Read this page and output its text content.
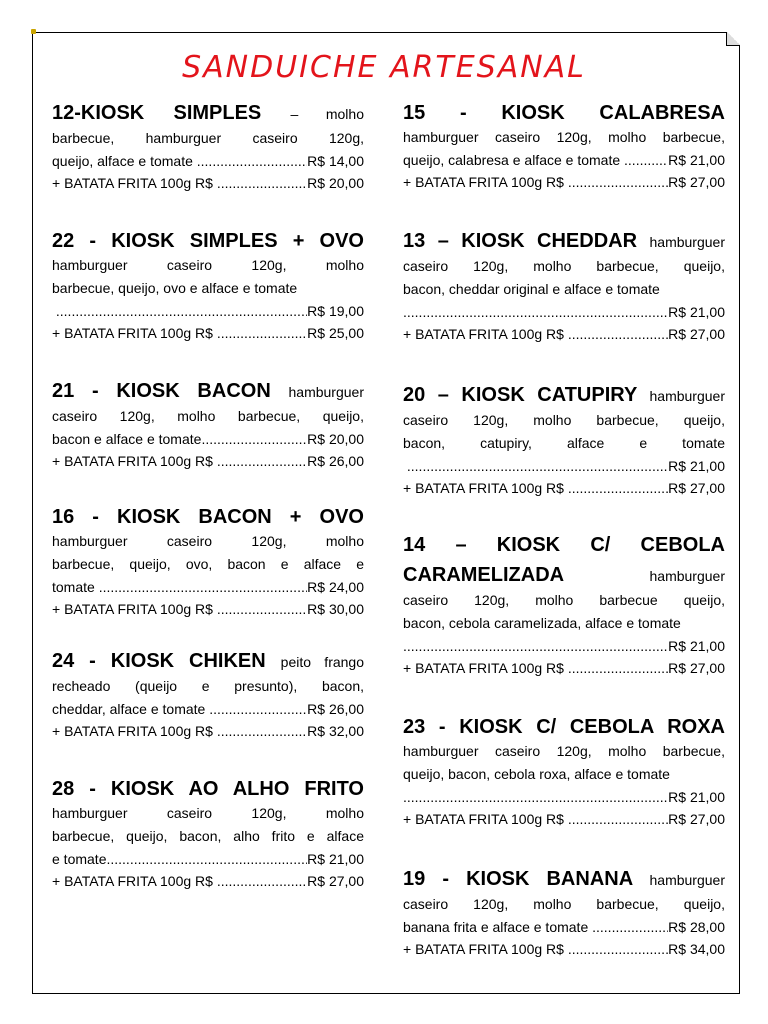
SANDUICHE ARTESANAL
12-KIOSK SIMPLES – molho
barbecue, hamburguer caseiro 120g,
queijo, alface e tomate .....	R$ 14,00
+ BATATA FRITA 100g R$ .....	R$ 20,00
22 - KIOSK SIMPLES + OVO
hamburguer caseiro 120g, molho
barbecue, queijo, ovo e alface e tomate

.....
R$ 19,00
+ BATATA FRITA 100g R$ .....	R$ 25,00
21 - KIOSK BACON hamburguer
caseiro 120g, molho barbecue, queijo,
bacon e alface e tomate .....	R$ 20,00
+ BATATA FRITA 100g R$ .....	R$ 26,00
16 - KIOSK BACON + OVO
hamburguer caseiro 120g, molho
barbecue, queijo, ovo, bacon e alface e
tomate .....	R$ 24,00
+ BATATA FRITA 100g R$ .....	R$ 30,00
24 - KIOSK CHIKEN peito frango
recheado (queijo e presunto), bacon,
cheddar, alface e tomate .....	R$ 26,00
+ BATATA FRITA 100g R$ .....	R$ 32,00
28 - KIOSK AO ALHO FRITO
hamburguer caseiro 120g, molho
barbecue, queijo, bacon, alho frito e alface
e tomate .....	R$ 21,00
+ BATATA FRITA 100g R$ .....	R$ 27,00
15 - KIOSK CALABRESA
hamburguer caseiro 120g, molho barbecue,
queijo, calabresa e alface e tomate .....	R$ 21,00
+ BATATA FRITA 100g R$ .....	R$ 27,00
13 – KIOSK CHEDDAR hamburguer
caseiro 120g, molho barbecue, queijo,
bacon, cheddar original e alface e tomate
.....
R$ 21,00
+ BATATA FRITA 100g R$ .....	R$ 27,00
20 – KIOSK CATUPIRY hamburguer
caseiro 120g, molho barbecue, queijo,
bacon, catupiry, alface e tomate

.....
R$ 21,00
+ BATATA FRITA 100g R$ .....	R$ 27,00
14 – KIOSK C/ CEBOLA
CARAMELIZADA	hamburguer
caseiro 120g, molho barbecue queijo,
bacon, cebola caramelizada, alface e tomate
.....
R$ 21,00
+ BATATA FRITA 100g R$ .....	R$ 27,00
23 - KIOSK C/ CEBOLA ROXA
hamburguer caseiro 120g, molho barbecue,
queijo, bacon, cebola roxa, alface e tomate
.....
R$ 21,00
+ BATATA FRITA 100g R$ .....	R$ 27,00
19 - KIOSK BANANA hamburguer
caseiro 120g, molho barbecue, queijo,
banana frita e alface e tomate .....	R$ 28,00
+ BATATA FRITA 100g R$ .....	R$ 34,00
